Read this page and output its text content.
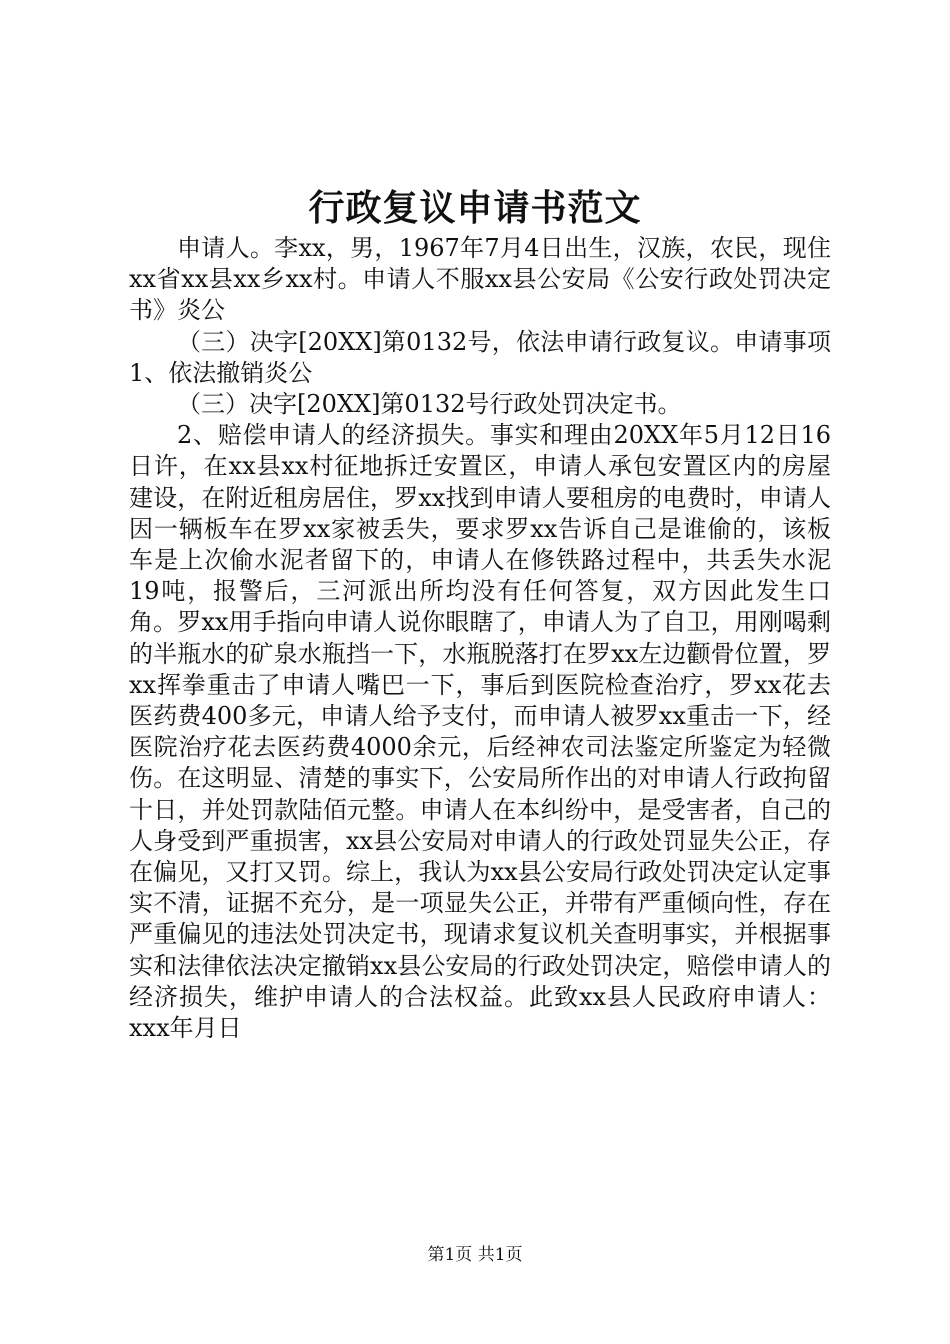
行政复议申请书范文

申请人。李xx，男，1967年7月4日出生，汉族，农民，现住xx省xx县xx乡xx村。申请人不服xx县公安局《公安行政处罚决定书》炎公

（三）决字[20XX]第0132号，依法申请行政复议。申请事项1、依法撤销炎公

（三）决字[20XX]第0132号行政处罚决定书。

2、赔偿申请人的经济损失。事实和理由20XX年5月12日16日许，在xx县xx村征地拆迁安置区，申请人承包安置区内的房屋建设，在附近租房居住，罗xx找到申请人要租房的电费时，申请人因一辆板车在罗xx家被丢失，要求罗xx告诉自己是谁偷的，该板车是上次偷水泥者留下的，申请人在修铁路过程中，共丢失水泥19吨，报警后，三河派出所均没有任何答复，双方因此发生口角。罗xx用手指向申请人说你眼瞎了，申请人为了自卫，用刚喝剩的半瓶水的矿泉水瓶挡一下，水瓶脱落打在罗xx左边颧骨位置，罗xx挥拳重击了申请人嘴巴一下，事后到医院检查治疗，罗xx花去医药费400多元，申请人给予支付，而申请人被罗xx重击一下，经医院治疗花去医药费4000余元，后经神农司法鉴定所鉴定为轻微伤。在这明显、清楚的事实下，公安局所作出的对申请人行政拘留十日，并处罚款陆佰元整。申请人在本纠纷中，是受害者，自己的人身受到严重损害，xx县公安局对申请人的行政处罚显失公正，存在偏见，又打又罚。综上，我认为xx县公安局行政处罚决定认定事实不清，证据不充分，是一项显失公正，并带有严重倾向性，存在严重偏见的违法处罚决定书，现请求复议机关查明事实，并根据事实和法律依法决定撤销xx县公安局的行政处罚决定，赔偿申请人的经济损失，维护申请人的合法权益。此致xx县人民政府申请人：xxx年月日

第1页 共1页
